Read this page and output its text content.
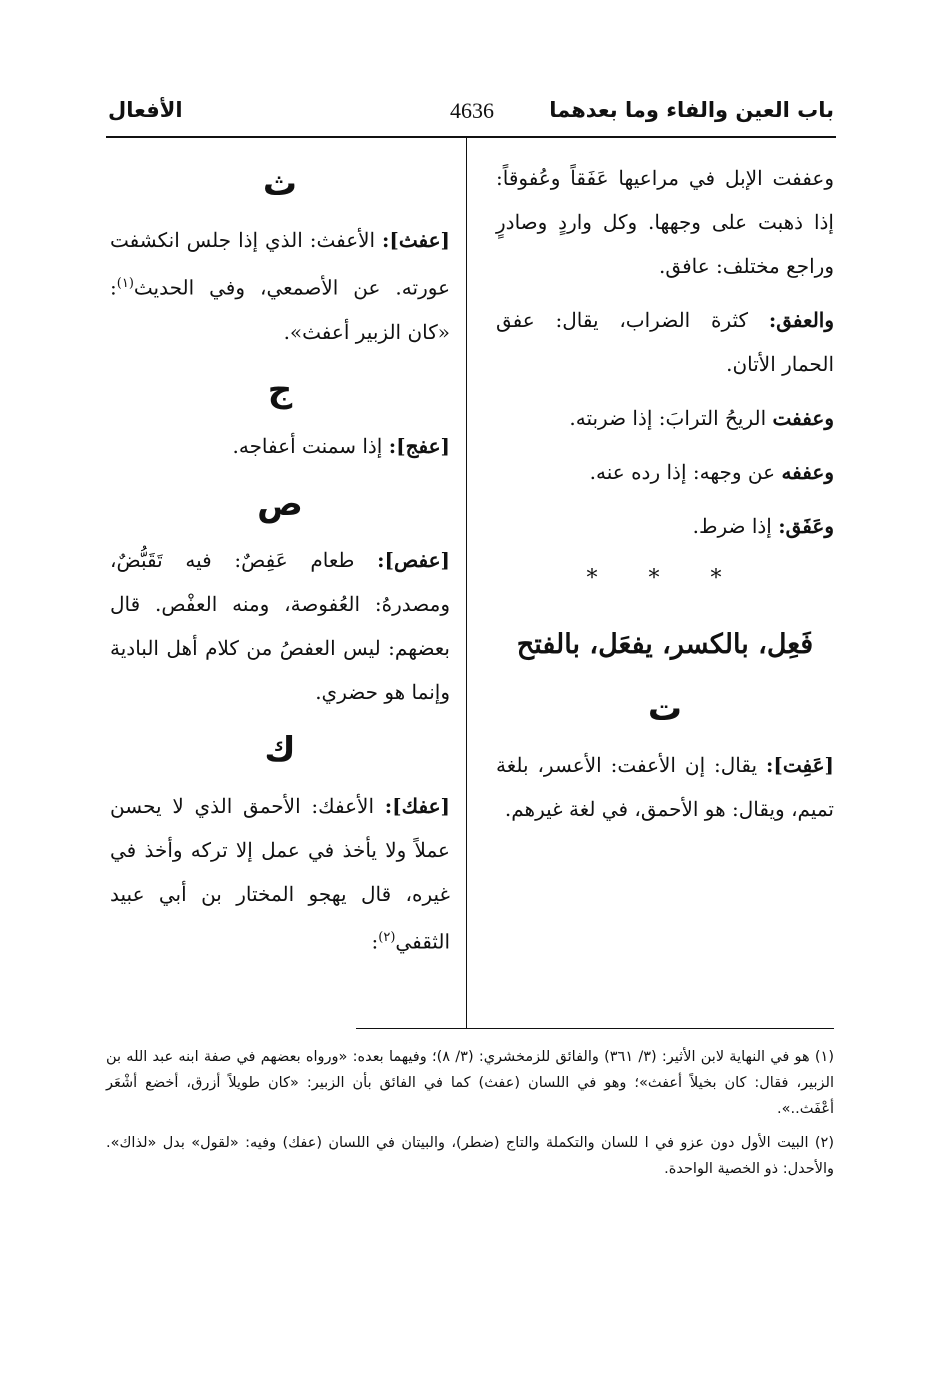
باب العين والفاء وما بعدهما
4636
الأفعال

وعففت الإبل في مراعيها عَفَقاً وعُفوقاً: إذا ذهبت على وجهها. وكل واردٍ وصادرٍ وراجع مختلف: عافق.

والعفق: كثرة الضراب، يقال: عفق الحمار الأتان.

وعففت الريحُ الترابَ: إذا ضربته.

وعففه عن وجهه: إذا رده عنه.

وعَفَق: إذا ضرط.

* * *
فَعِل، بالكسر، يفعَل، بالفتح
ت

[عَفِت]: يقال: إن الأعفت: الأعسر، بلغة تميم، ويقال: هو الأحمق، في لغة غيرهم.

ث

[عفث]: الأعفث: الذي إذا جلس انكشفت عورته. عن الأصمعي، وفي الحديث$^{(١)}$: «كان الزبير أعفث».

ج

[عفج]: إذا سمنت أعفاجه.

ص

[عفص]: طعام عَفِصٌ: فيه تَقَبُّضٌ، ومصدرهُ: العُفوصة، ومنه العفْص. قال بعضهم: ليس العفصُ من كلام أهل البادية وإنما هو حضري.

ك

[عفك]: الأعفك: الأحمق الذي لا يحسن عملاً ولا يأخذ في عمل إلا تركه وأخذ في غيره، قال يهجو المختار بن أبي عبيد الثقفي$^{(٢)}$:

(١) هو في النهاية لابن الأثير: (٣/ ٣٦١) والفائق للزمخشري: (٣/ ٨)؛ وفيهما بعده: «ورواه بعضهم في صفة ابنه عبد الله بن الزبير، فقال: كان بخيلاً أعفث»؛ وهو في اللسان (عفث) كما في الفائق بأن الزبير: «كان طويلاً أزرق، أخضع أشْعَر أعْفَث..».

(٢) البيت الأول دون عزو في ا للسان والتكملة والتاج (ضطر)، والبيتان في اللسان (عفك) وفيه: «لقول» بدل «لذاك». والأحدل: ذو الخصية الواحدة.
